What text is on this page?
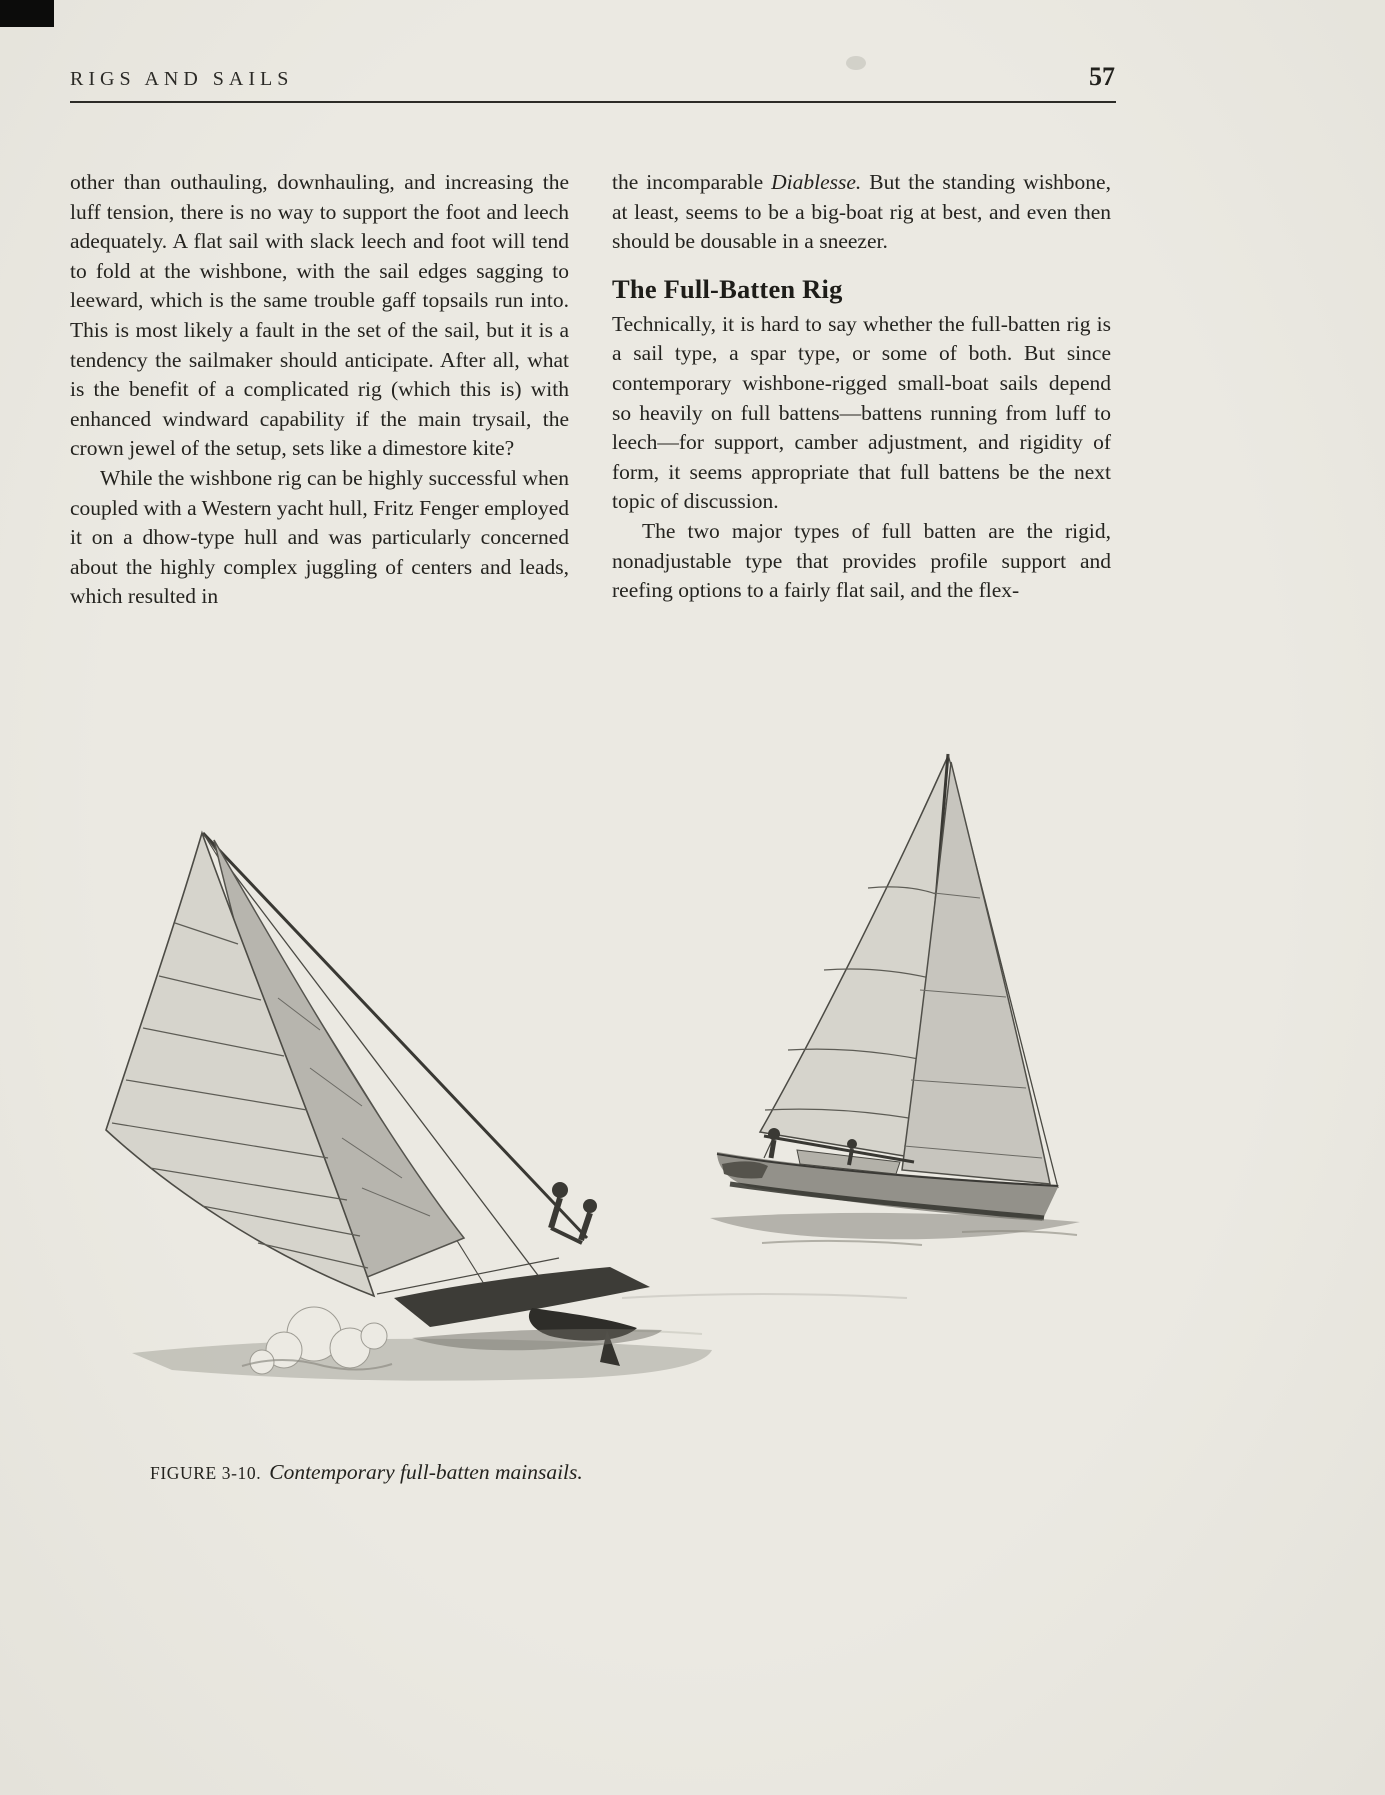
RIGS AND SAILS	57

other than outhauling, downhauling, and increasing the luff tension, there is no way to support the foot and leech adequately. A flat sail with slack leech and foot will tend to fold at the wishbone, with the sail edges sagging to leeward, which is the same trouble gaff topsails run into. This is most likely a fault in the set of the sail, but it is a tendency the sailmaker should anticipate. After all, what is the benefit of a complicated rig (which this is) with enhanced windward capability if the main trysail, the crown jewel of the setup, sets like a dimestore kite?

While the wishbone rig can be highly successful when coupled with a Western yacht hull, Fritz Fenger employed it on a dhow-type hull and was particularly concerned about the highly complex juggling of centers and leads, which resulted in

the incomparable Diablesse. But the standing wishbone, at least, seems to be a big-boat rig at best, and even then should be dousable in a sneezer.

The Full-Batten Rig

Technically, it is hard to say whether the full-batten rig is a sail type, a spar type, or some of both. But since contemporary wishbone-rigged small-boat sails depend so heavily on full battens—battens running from luff to leech—for support, camber adjustment, and rigidity of form, it seems appropriate that full battens be the next topic of discussion.

The two major types of full batten are the rigid, nonadjustable type that provides profile support and reefing options to a fairly flat sail, and the flex-

FIGURE 3-10. Contemporary full-batten mainsails.
